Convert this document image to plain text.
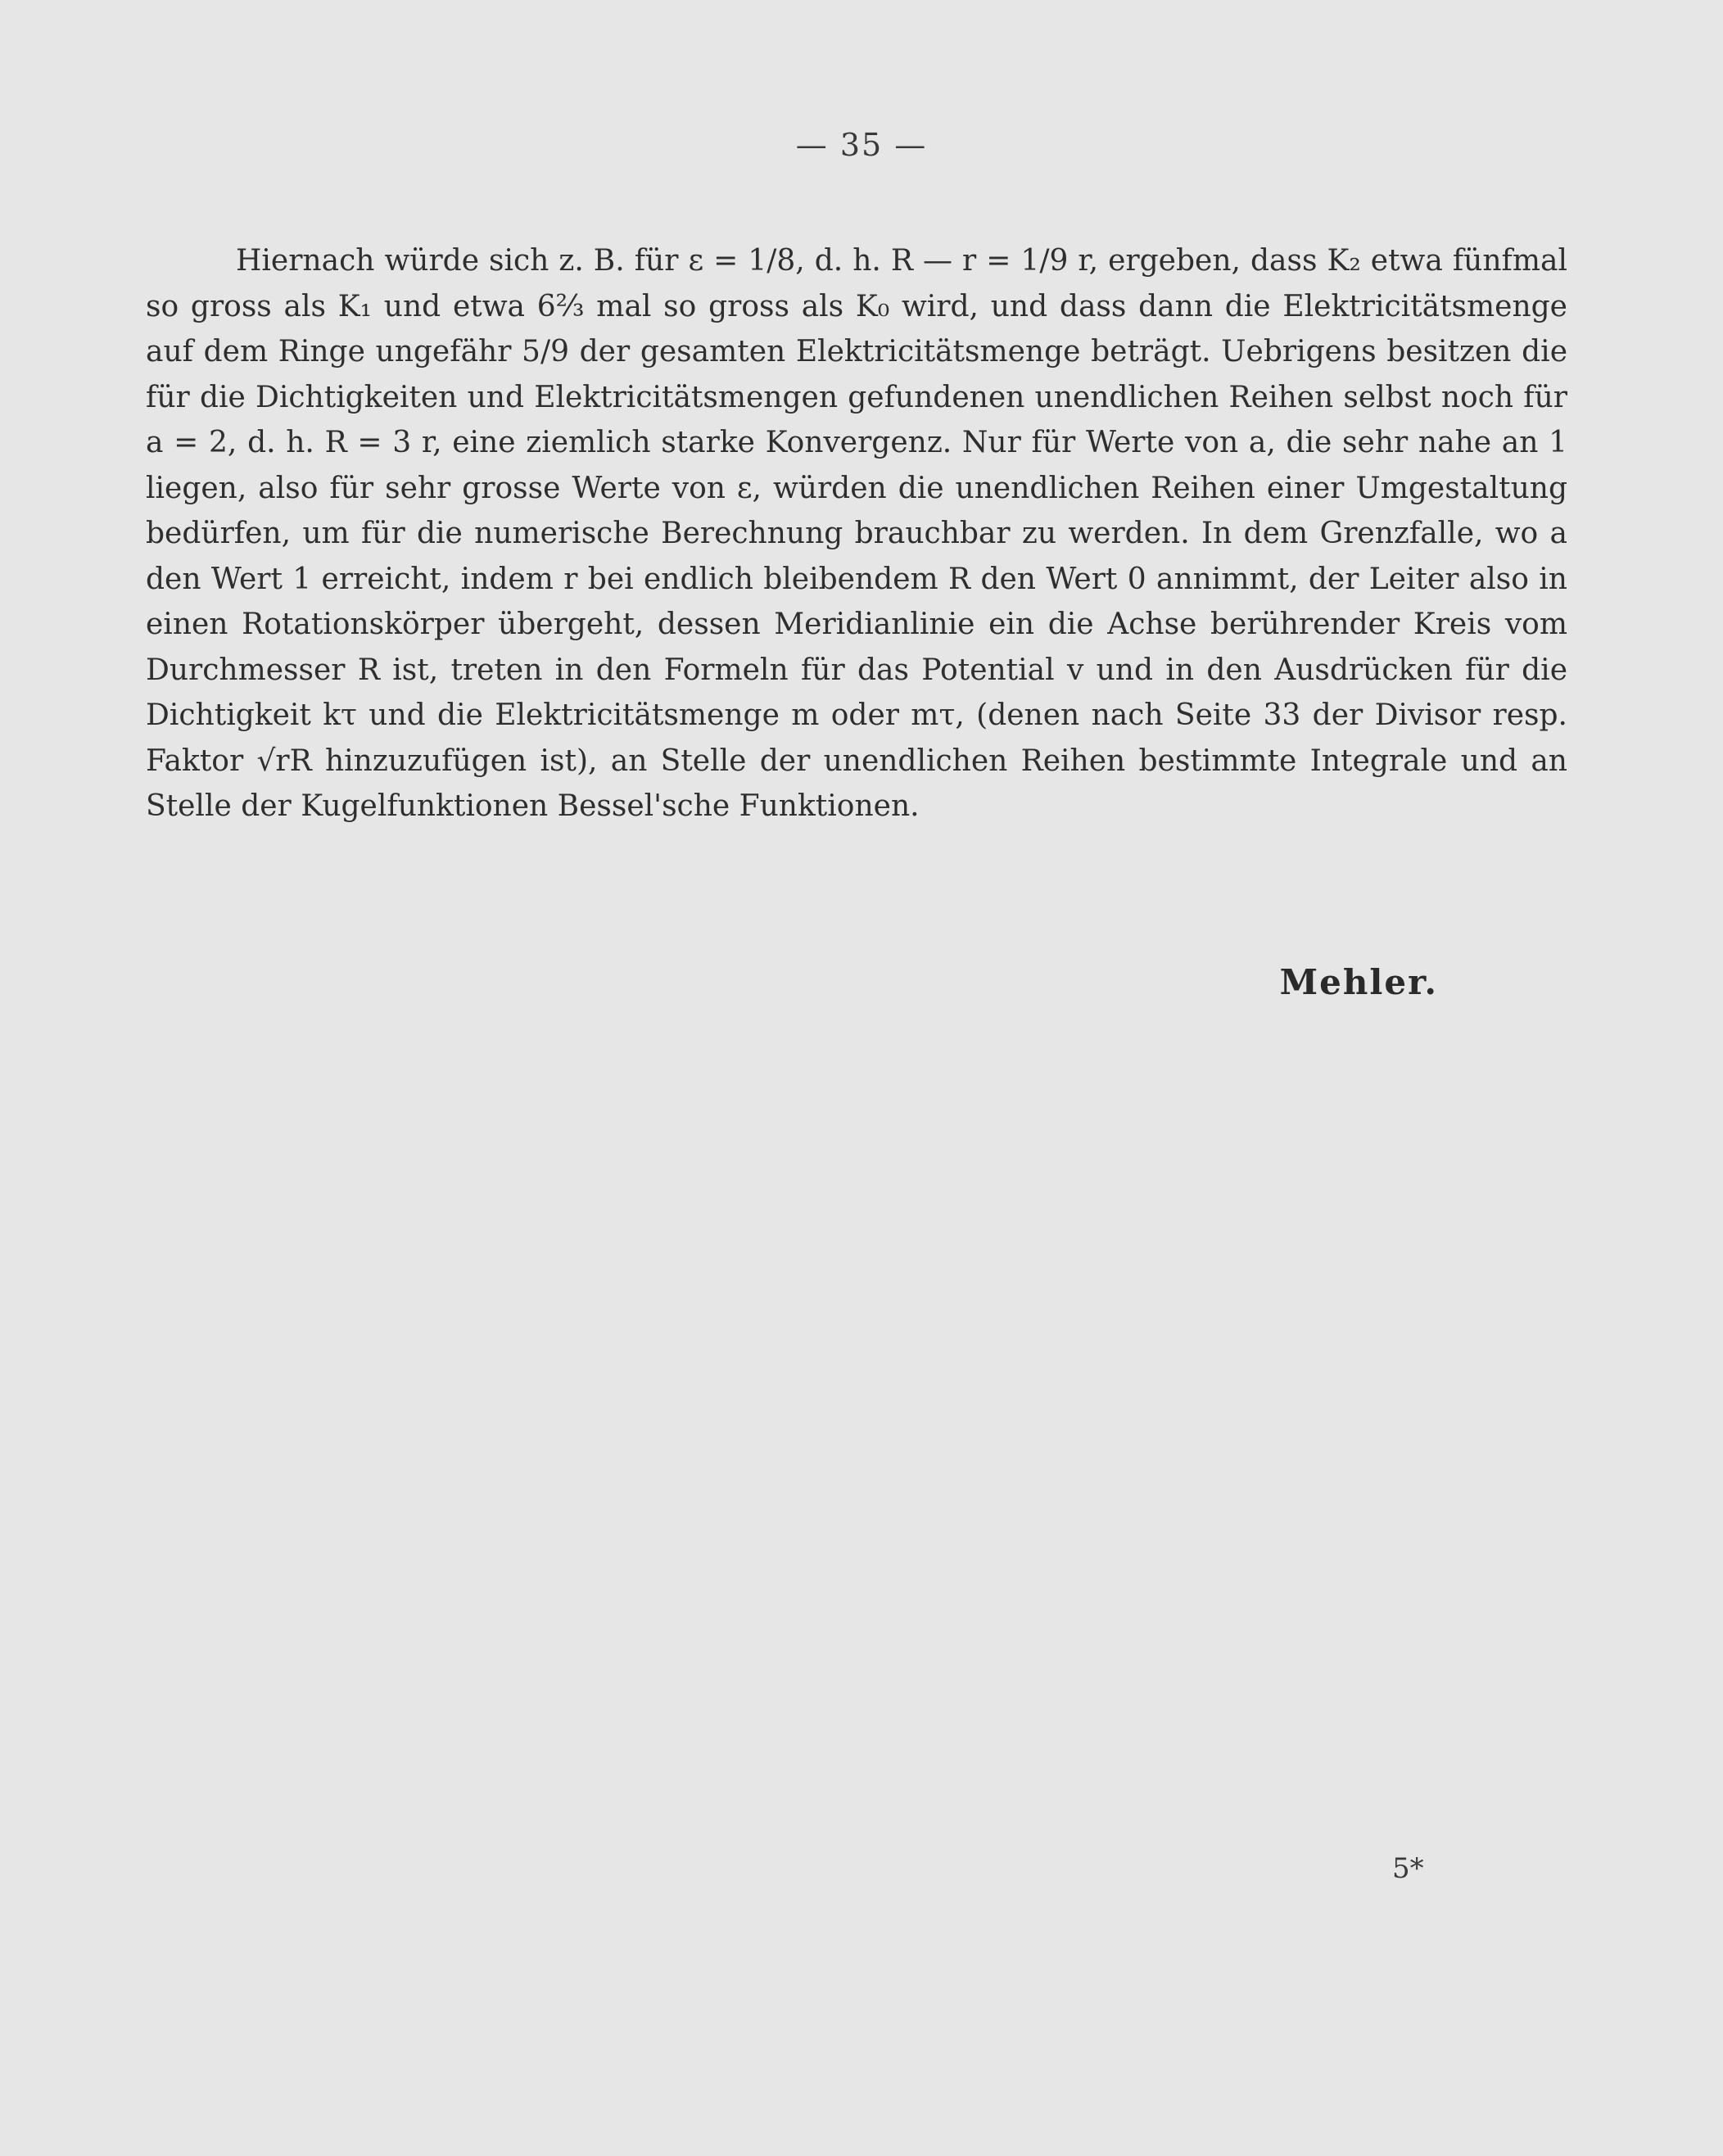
— 35 —

Hiernach würde sich z. B. für ε = 1/8, d. h. R — r = 1/9 r, ergeben, dass K₂ etwa fünfmal so gross als K₁ und etwa 6⅔ mal so gross als K₀ wird, und dass dann die Elektricitätsmenge auf dem Ringe ungefähr 5/9 der gesamten Elektricitätsmenge beträgt. Uebrigens besitzen die für die Dichtigkeiten und Elektricitätsmengen gefundenen unendlichen Reihen selbst noch für a = 2, d. h. R = 3 r, eine ziemlich starke Konvergenz. Nur für Werte von a, die sehr nahe an 1 liegen, also für sehr grosse Werte von ε, würden die unendlichen Reihen einer Umgestaltung bedürfen, um für die numerische Berechnung brauchbar zu werden. In dem Grenzfalle, wo a den Wert 1 erreicht, indem r bei endlich bleibendem R den Wert 0 annimmt, der Leiter also in einen Rotationskörper übergeht, dessen Meridianlinie ein die Achse berührender Kreis vom Durchmesser R ist, treten in den Formeln für das Potential v und in den Ausdrücken für die Dichtigkeit kτ und die Elektricitätsmenge m oder mτ, (denen nach Seite 33 der Divisor resp. Faktor √rR hinzuzufügen ist), an Stelle der unendlichen Reihen bestimmte Integrale und an Stelle der Kugelfunktionen Bessel'sche Funktionen.

Mehler.
5*
